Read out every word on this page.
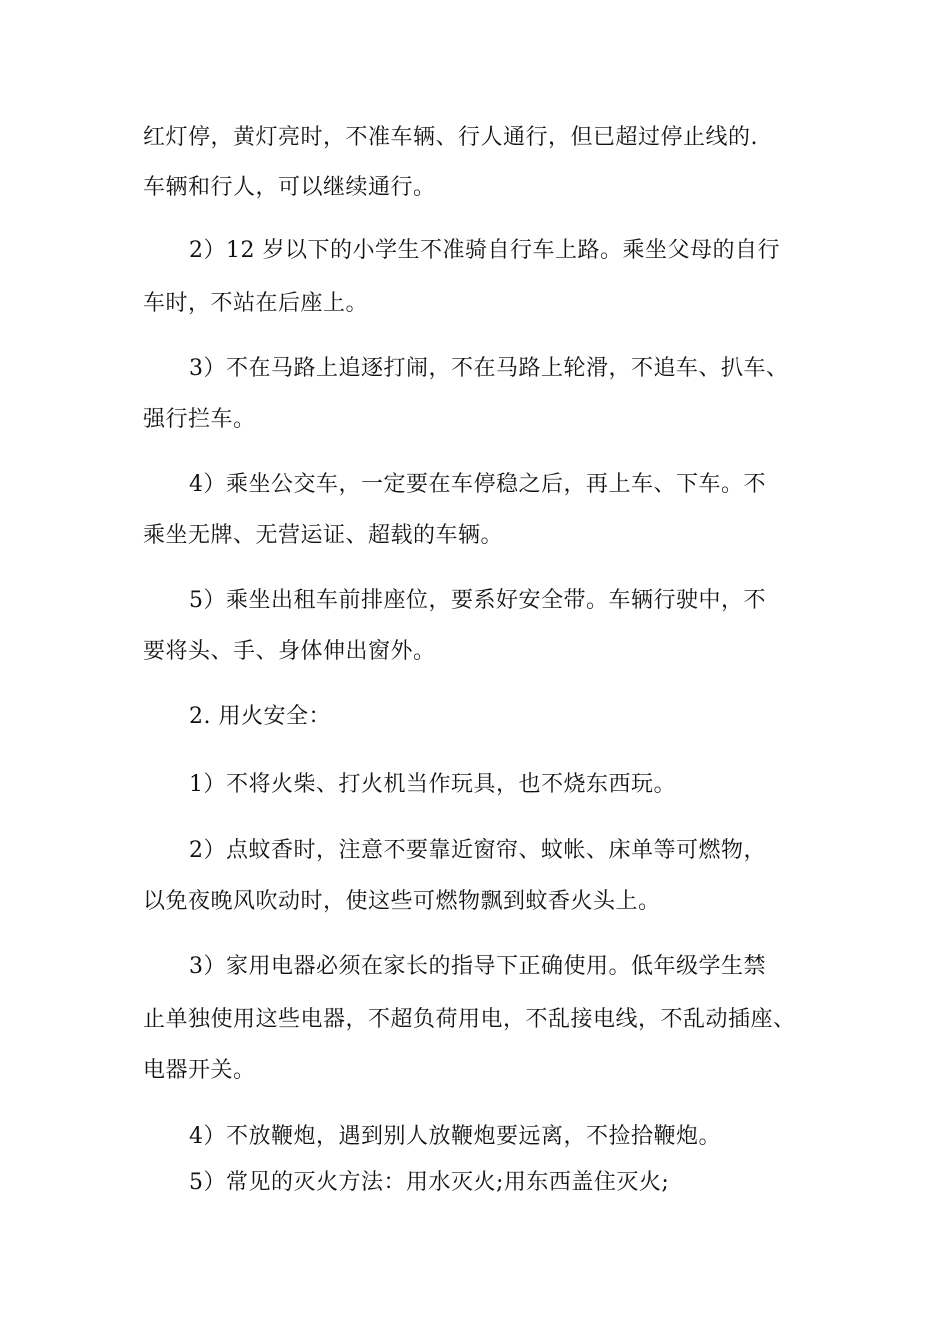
红灯停，黄灯亮时，不准车辆、行人通行，但已超过停止线的.
车辆和行人，可以继续通行。
2）12 岁以下的小学生不准骑自行车上路。乘坐父母的自行
车时，不站在后座上。
3）不在马路上追逐打闹，不在马路上轮滑，不追车、扒车、
强行拦车。
4）乘坐公交车，一定要在车停稳之后，再上车、下车。不
乘坐无牌、无营运证、超载的车辆。
5）乘坐出租车前排座位，要系好安全带。车辆行驶中，不
要将头、手、身体伸出窗外。
2. 用火安全：
1）不将火柴、打火机当作玩具，也不烧东西玩。
2）点蚊香时，注意不要靠近窗帘、蚊帐、床单等可燃物，
以免夜晚风吹动时，使这些可燃物飘到蚊香火头上。
3）家用电器必须在家长的指导下正确使用。低年级学生禁
止单独使用这些电器，不超负荷用电，不乱接电线，不乱动插座、
电器开关。
4）不放鞭炮，遇到别人放鞭炮要远离，不捡拾鞭炮。
5）常见的灭火方法：用水灭火;用东西盖住灭火;
